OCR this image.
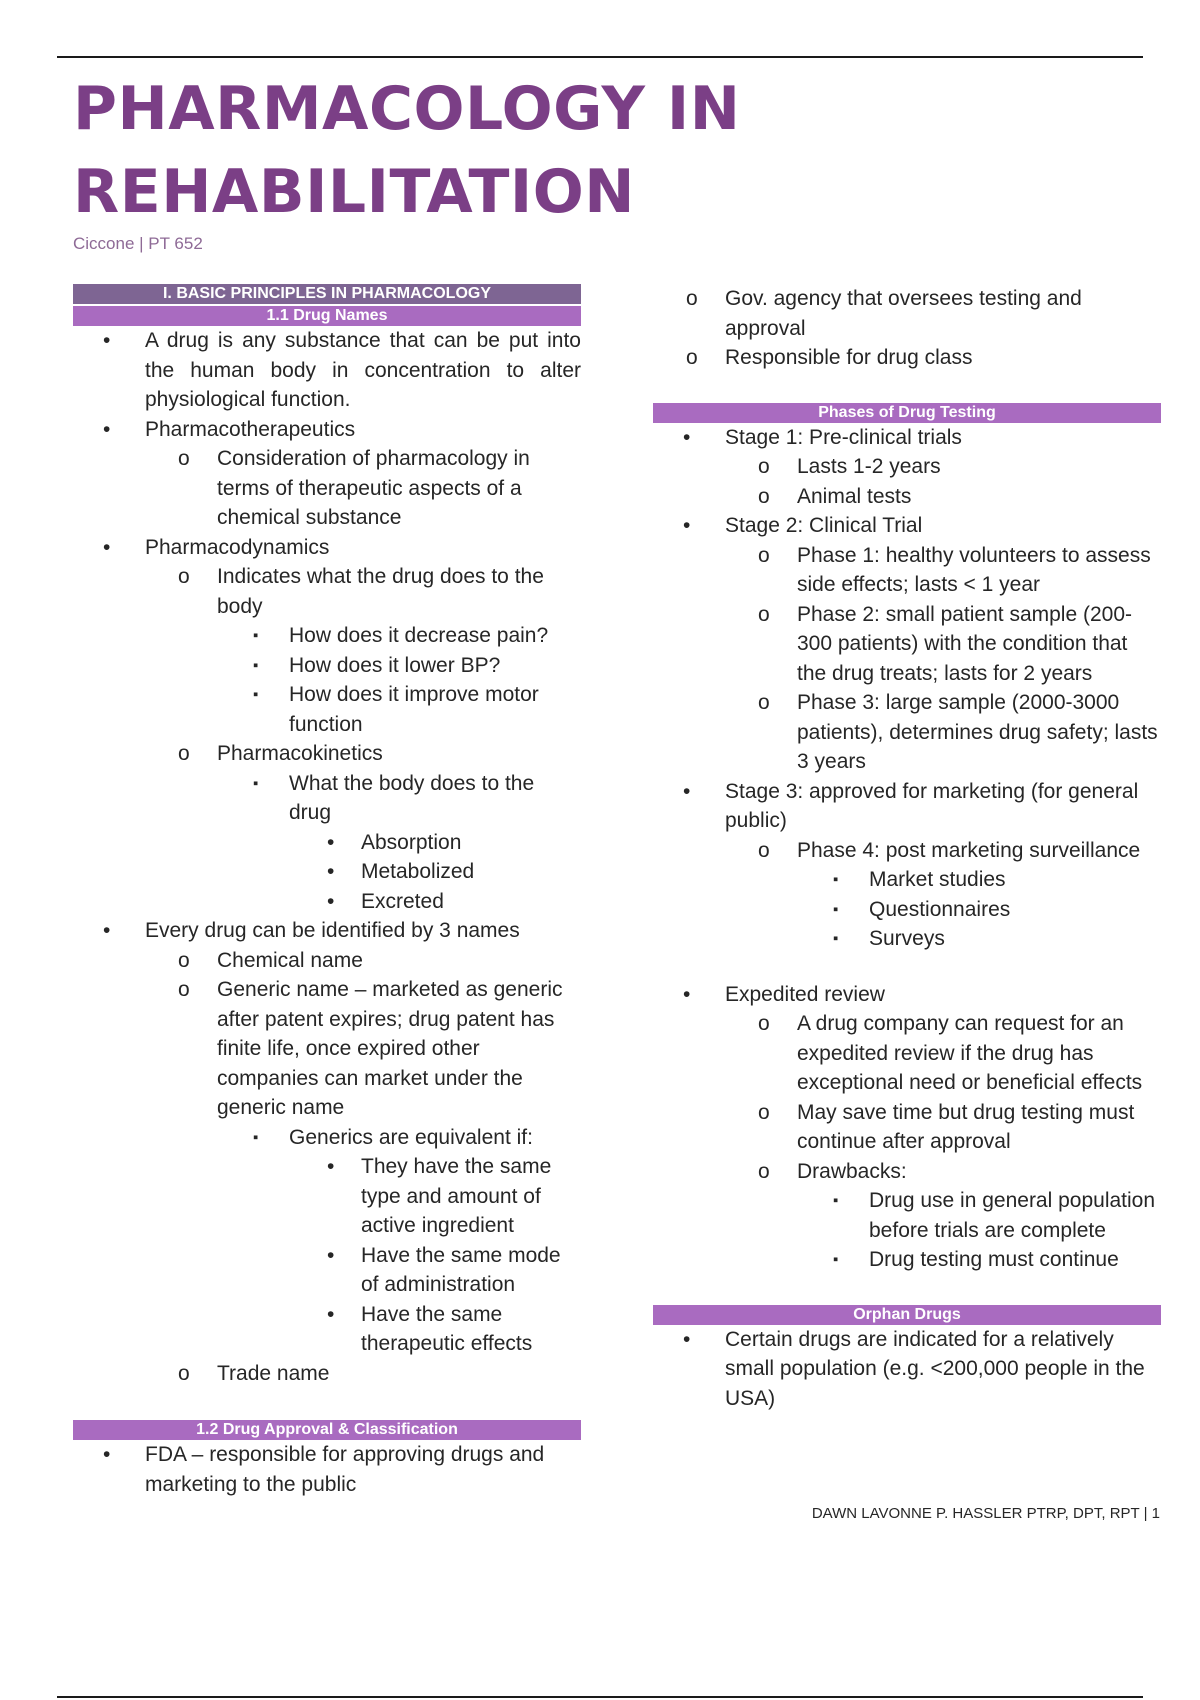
PHARMACOLOGY IN
REHABILITATION
Ciccone | PT 652
I. BASIC PRINCIPLES IN PHARMACOLOGY
1.1 Drug Names
• A drug is any substance that can be put into the human body in concentration to alter physiological function.
• Pharmacotherapeutics
o Consideration of pharmacology in terms of therapeutic aspects of a chemical substance
• Pharmacodynamics
o Indicates what the drug does to the body
▪ How does it decrease pain?
▪ How does it lower BP?
▪ How does it improve motor function
o Pharmacokinetics
▪ What the body does to the drug
• Absorption
• Metabolized
• Excreted
• Every drug can be identified by 3 names
o Chemical name
o Generic name – marketed as generic after patent expires; drug patent has finite life, once expired other companies can market under the generic name
▪ Generics are equivalent if:
• They have the same type and amount of active ingredient
• Have the same mode of administration
• Have the same therapeutic effects
o Trade name
1.2 Drug Approval & Classification
• FDA – responsible for approving drugs and marketing to the public
o Gov. agency that oversees testing and approval
o Responsible for drug class
Phases of Drug Testing
• Stage 1: Pre-clinical trials
o Lasts 1-2 years
o Animal tests
• Stage 2: Clinical Trial
o Phase 1: healthy volunteers to assess side effects; lasts < 1 year
o Phase 2: small patient sample (200-300 patients) with the condition that the drug treats; lasts for 2 years
o Phase 3: large sample (2000-3000 patients), determines drug safety; lasts 3 years
• Stage 3: approved for marketing (for general public)
o Phase 4: post marketing surveillance
▪ Market studies
▪ Questionnaires
▪ Surveys
• Expedited review
o A drug company can request for an expedited review if the drug has exceptional need or beneficial effects
o May save time but drug testing must continue after approval
o Drawbacks:
▪ Drug use in general population before trials are complete
▪ Drug testing must continue
Orphan Drugs
• Certain drugs are indicated for a relatively small population (e.g. <200,000 people in the USA)
DAWN LAVONNE P. HASSLER PTRP, DPT, RPT | 1
